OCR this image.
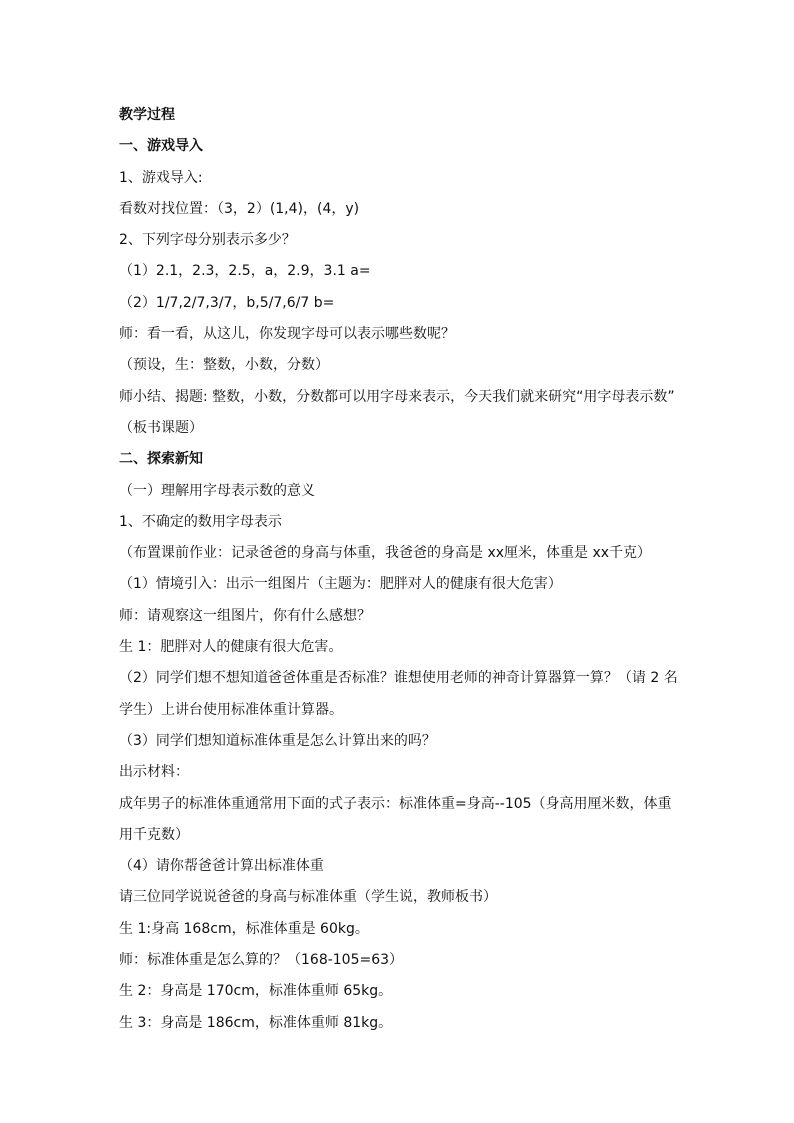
教学过程

一、游戏导入

1、游戏导入:

看数对找位置：（3，2）(1,4)，(4，y)

2、下列字母分别表示多少？

（1）2.1，2.3，2.5，a，2.9，3.1 a=

（2）1/7,2/7,3/7，b,5/7,6/7 b=

师：看一看，从这儿，你发现字母可以表示哪些数呢？

（预设，生：整数，小数，分数）

师小结、揭题: 整数，小数，分数都可以用字母来表示，今天我们就来研究“用字母表示数”

（板书课题）

二、探索新知

（一）理解用字母表示数的意义

1、不确定的数用字母表示

（布置课前作业：记录爸爸的身高与体重，我爸爸的身高是 xx厘米，体重是 xx千克）

（1）情境引入：出示一组图片（主题为：肥胖对人的健康有很大危害）

师：请观察这一组图片，你有什么感想？

生 1：肥胖对人的健康有很大危害。

（2）同学们想不想知道爸爸体重是否标准？谁想使用老师的神奇计算器算一算？（请 2 名

学生）上讲台使用标准体重计算器。

（3）同学们想知道标准体重是怎么计算出来的吗？

出示材料：

成年男子的标准体重通常用下面的式子表示：标准体重=身高--105（身高用厘米数，体重

用千克数）

（4）请你帮爸爸计算出标准体重

请三位同学说说爸爸的身高与标准体重（学生说，教师板书）

生 1:身高 168cm，标准体重是 60kg。

师：标准体重是怎么算的？（168-105=63）

生 2：身高是 170cm，标准体重师 65kg。

生 3：身高是 186cm，标准体重师 81kg。
